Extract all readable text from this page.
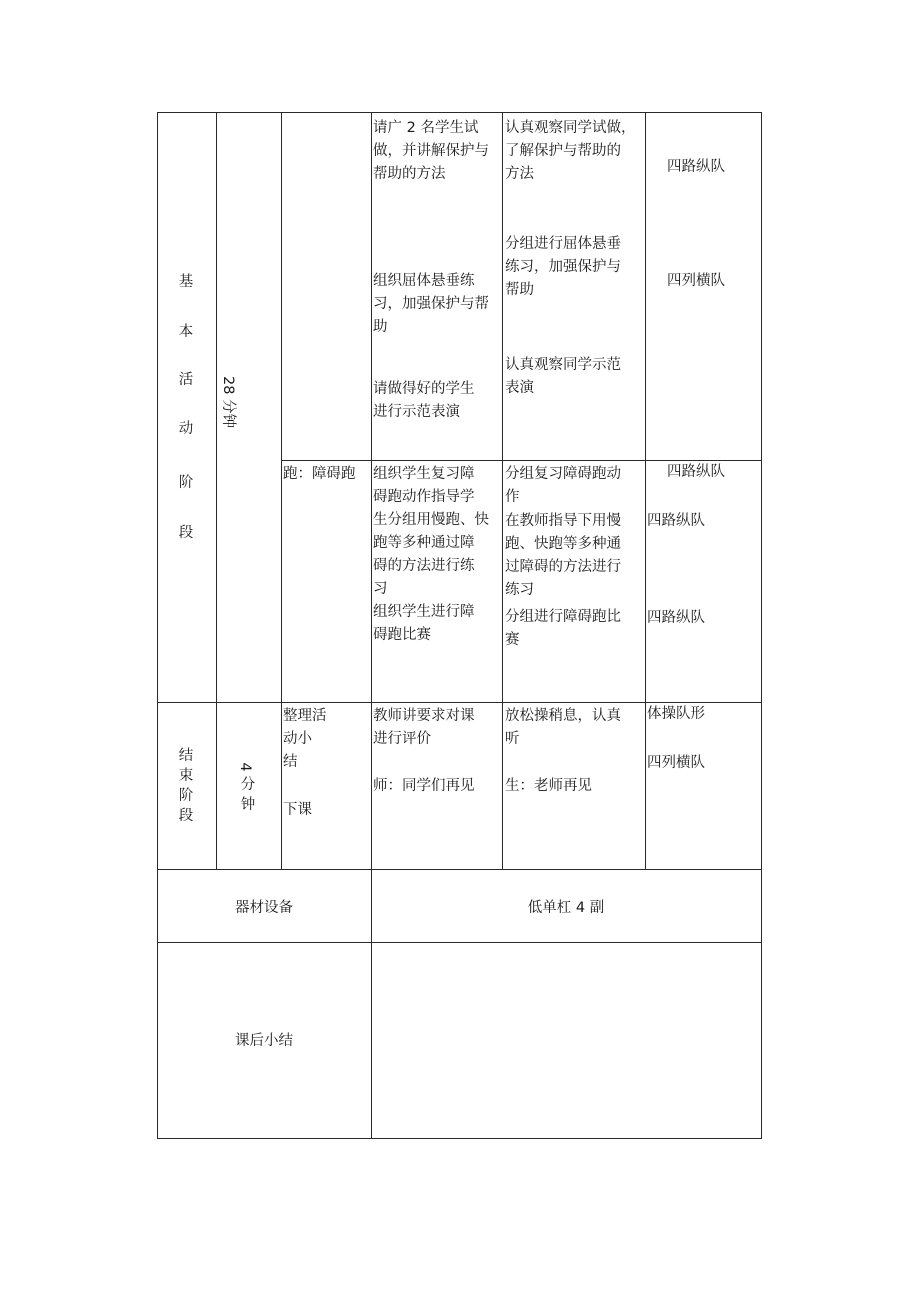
基
本
活
动
阶
段
28 分钟
请广 2 名学生试
做，并讲解保护与
帮助的方法
组织屈体悬垂练
习，加强保护与帮
助
请做得好的学生
进行示范表演
认真观察同学试做，
了解保护与帮助的
方法
分组进行屈体悬垂
练习，加强保护与
帮助
认真观察同学示范
表演
四路纵队
四列横队
跑：障碍跑	组织学生复习障
碍跑动作指导学
生分组用慢跑、快
跑等多种通过障
碍的方法进行练
习
组织学生进行障
碍跑比赛
分组复习障碍跑动
作
在教师指导下用慢
跑、快跑等多种通
过障碍的方法进行
练习
分组进行障碍跑比
赛
四路纵队
四路纵队
四路纵队
结
束
阶
段
4
分
钟
整理活
动小
结
下课
教师讲要求对课
进行评价
师：同学们再见
放松操稍息，认真
听
生：老师再见
体操队形
四列横队
器材设备	低单杠 4 副
课后小结
